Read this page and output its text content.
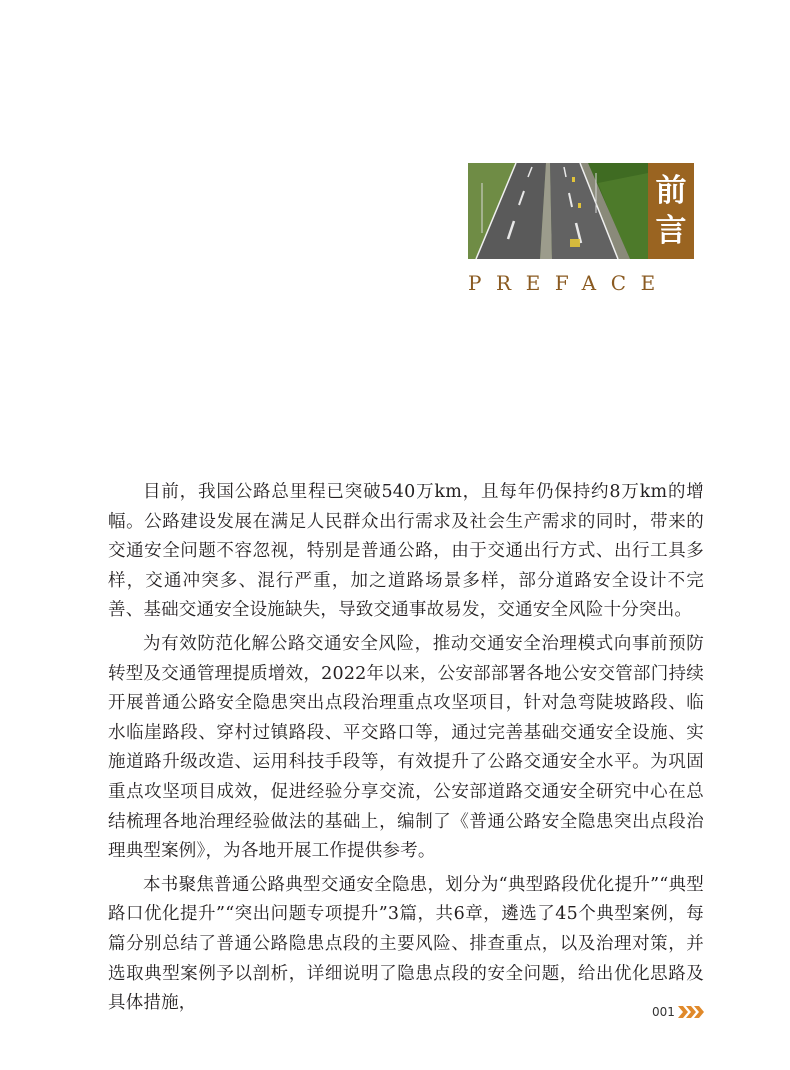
前
言
PREFACE

目前，我国公路总里程已突破540万km，且每年仍保持约8万km的增幅。公路建设发展在满足人民群众出行需求及社会生产需求的同时，带来的交通安全问题不容忽视，特别是普通公路，由于交通出行方式、出行工具多样，交通冲突多、混行严重，加之道路场景多样，部分道路安全设计不完善、基础交通安全设施缺失，导致交通事故易发，交通安全风险十分突出。

为有效防范化解公路交通安全风险，推动交通安全治理模式向事前预防转型及交通管理提质增效，2022年以来，公安部部署各地公安交管部门持续开展普通公路安全隐患突出点段治理重点攻坚项目，针对急弯陡坡路段、临水临崖路段、穿村过镇路段、平交路口等，通过完善基础交通安全设施、实施道路升级改造、运用科技手段等，有效提升了公路交通安全水平。为巩固重点攻坚项目成效，促进经验分享交流，公安部道路交通安全研究中心在总结梳理各地治理经验做法的基础上，编制了《普通公路安全隐患突出点段治理典型案例》，为各地开展工作提供参考。

本书聚焦普通公路典型交通安全隐患，划分为“典型路段优化提升”“典型路口优化提升”“突出问题专项提升”3篇，共6章，遴选了45个典型案例，每篇分别总结了普通公路隐患点段的主要风险、排查重点，以及治理对策，并选取典型案例予以剖析，详细说明了隐患点段的安全问题，给出优化思路及具体措施，	001
